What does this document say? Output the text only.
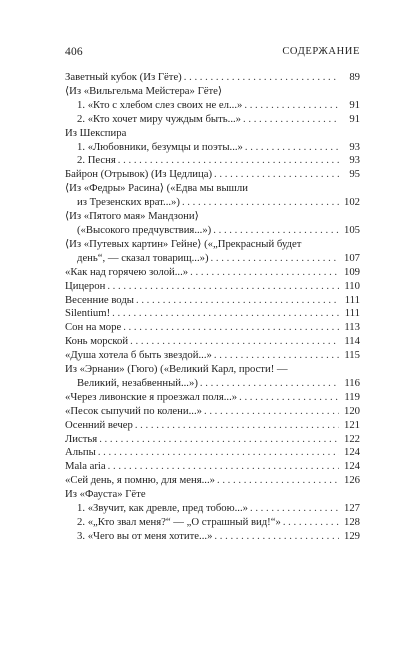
406	СОДЕРЖАНИЕ
Заветный кубок (Из Гёте) . . .	89
⟨Из «Вильгельма Мейстера» Гёте⟩
1. «Кто с хлебом слез своих не ел...» . . .	91
2. «Кто хочет миру чуждым быть...» . . .	91
Из Шекспира
1. «Любовники, безумцы и поэты...» . . .	93
2. Песня . . .	93
Байрон (Отрывок) (Из Цедлица) . . .	95
⟨Из «Федры» Расина⟩ («Едва мы вышли
из Трезенских врат...») . . .	102
⟨Из «Пятого мая» Мандзони⟩
(«Высокого предчувствия...») . . .	105
⟨Из «Путевых картин» Гейне⟩ («„Прекрасный будет
день“, — сказал товарищ...») . . .	107
«Как над горячею золой...» . . .	109
Цицерон . . .	110
Весенние воды . . .	111
Silentium! . . .	111
Сон на море . . .	113
Конь морской . . .	114
«Душа хотела б быть звездой...» . . .	115
Из «Эрнани» (Гюго) («Великий Карл, прости! —
Великий, незабвенный...») . . .	116
«Через ливонские я проезжал поля...» . . .	119
«Песок сыпучий по колени...» . . .	120
Осенний вечер . . .	121
Листья . . .	122
Альпы . . .	124
Mala aria . . .	124
«Сей день, я помню, для меня...» . . .	126
Из «Фауста» Гёте
1. «Звучит, как древле, пред тобою...» . . .	127
2. «„Кто звал меня?“ — „О страшный вид!“» . . .	128
3. «Чего вы от меня хотите...» . . .	129
